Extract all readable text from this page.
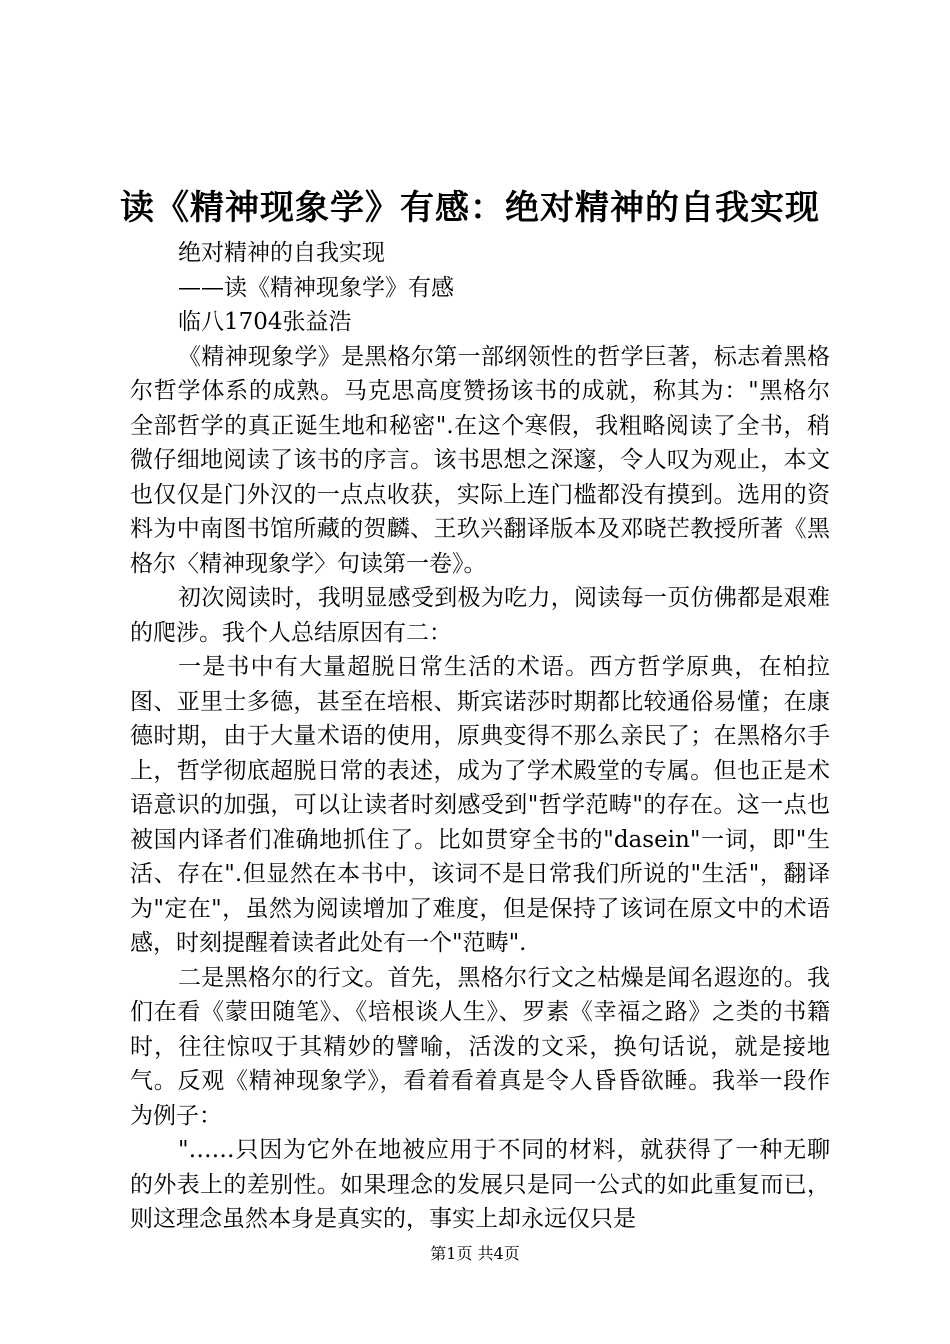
读《精神现象学》有感：绝对精神的自我实现

绝对精神的自我实现

——读《精神现象学》有感

临八1704张益浩

《精神现象学》是黑格尔第一部纲领性的哲学巨著，标志着黑格尔哲学体系的成熟。马克思高度赞扬该书的成就，称其为："黑格尔全部哲学的真正诞生地和秘密".在这个寒假，我粗略阅读了全书，稍微仔细地阅读了该书的序言。该书思想之深邃，令人叹为观止，本文也仅仅是门外汉的一点点收获，实际上连门槛都没有摸到。选用的资料为中南图书馆所藏的贺麟、王玖兴翻译版本及邓晓芒教授所著《黑格尔〈精神现象学〉句读第一卷》。

初次阅读时，我明显感受到极为吃力，阅读每一页仿佛都是艰难的爬涉。我个人总结原因有二：

一是书中有大量超脱日常生活的术语。西方哲学原典，在柏拉图、亚里士多德，甚至在培根、斯宾诺莎时期都比较通俗易懂；在康德时期，由于大量术语的使用，原典变得不那么亲民了；在黑格尔手上，哲学彻底超脱日常的表述，成为了学术殿堂的专属。但也正是术语意识的加强，可以让读者时刻感受到"哲学范畴"的存在。这一点也被国内译者们准确地抓住了。比如贯穿全书的"dasein"一词，即"生活、存在".但显然在本书中，该词不是日常我们所说的"生活"，翻译为"定在"，虽然为阅读增加了难度，但是保持了该词在原文中的术语感，时刻提醒着读者此处有一个"范畴".

二是黑格尔的行文。首先，黑格尔行文之枯燥是闻名遐迩的。我们在看《蒙田随笔》、《培根谈人生》、罗素《幸福之路》之类的书籍时，往往惊叹于其精妙的譬喻，活泼的文采，换句话说，就是接地气。反观《精神现象学》，看着看着真是令人昏昏欲睡。我举一段作为例子：

"……只因为它外在地被应用于不同的材料，就获得了一种无聊的外表上的差别性。如果理念的发展只是同一公式的如此重复而已，则这理念虽然本身是真实的，事实上却永远仅只是

第1页 共4页
